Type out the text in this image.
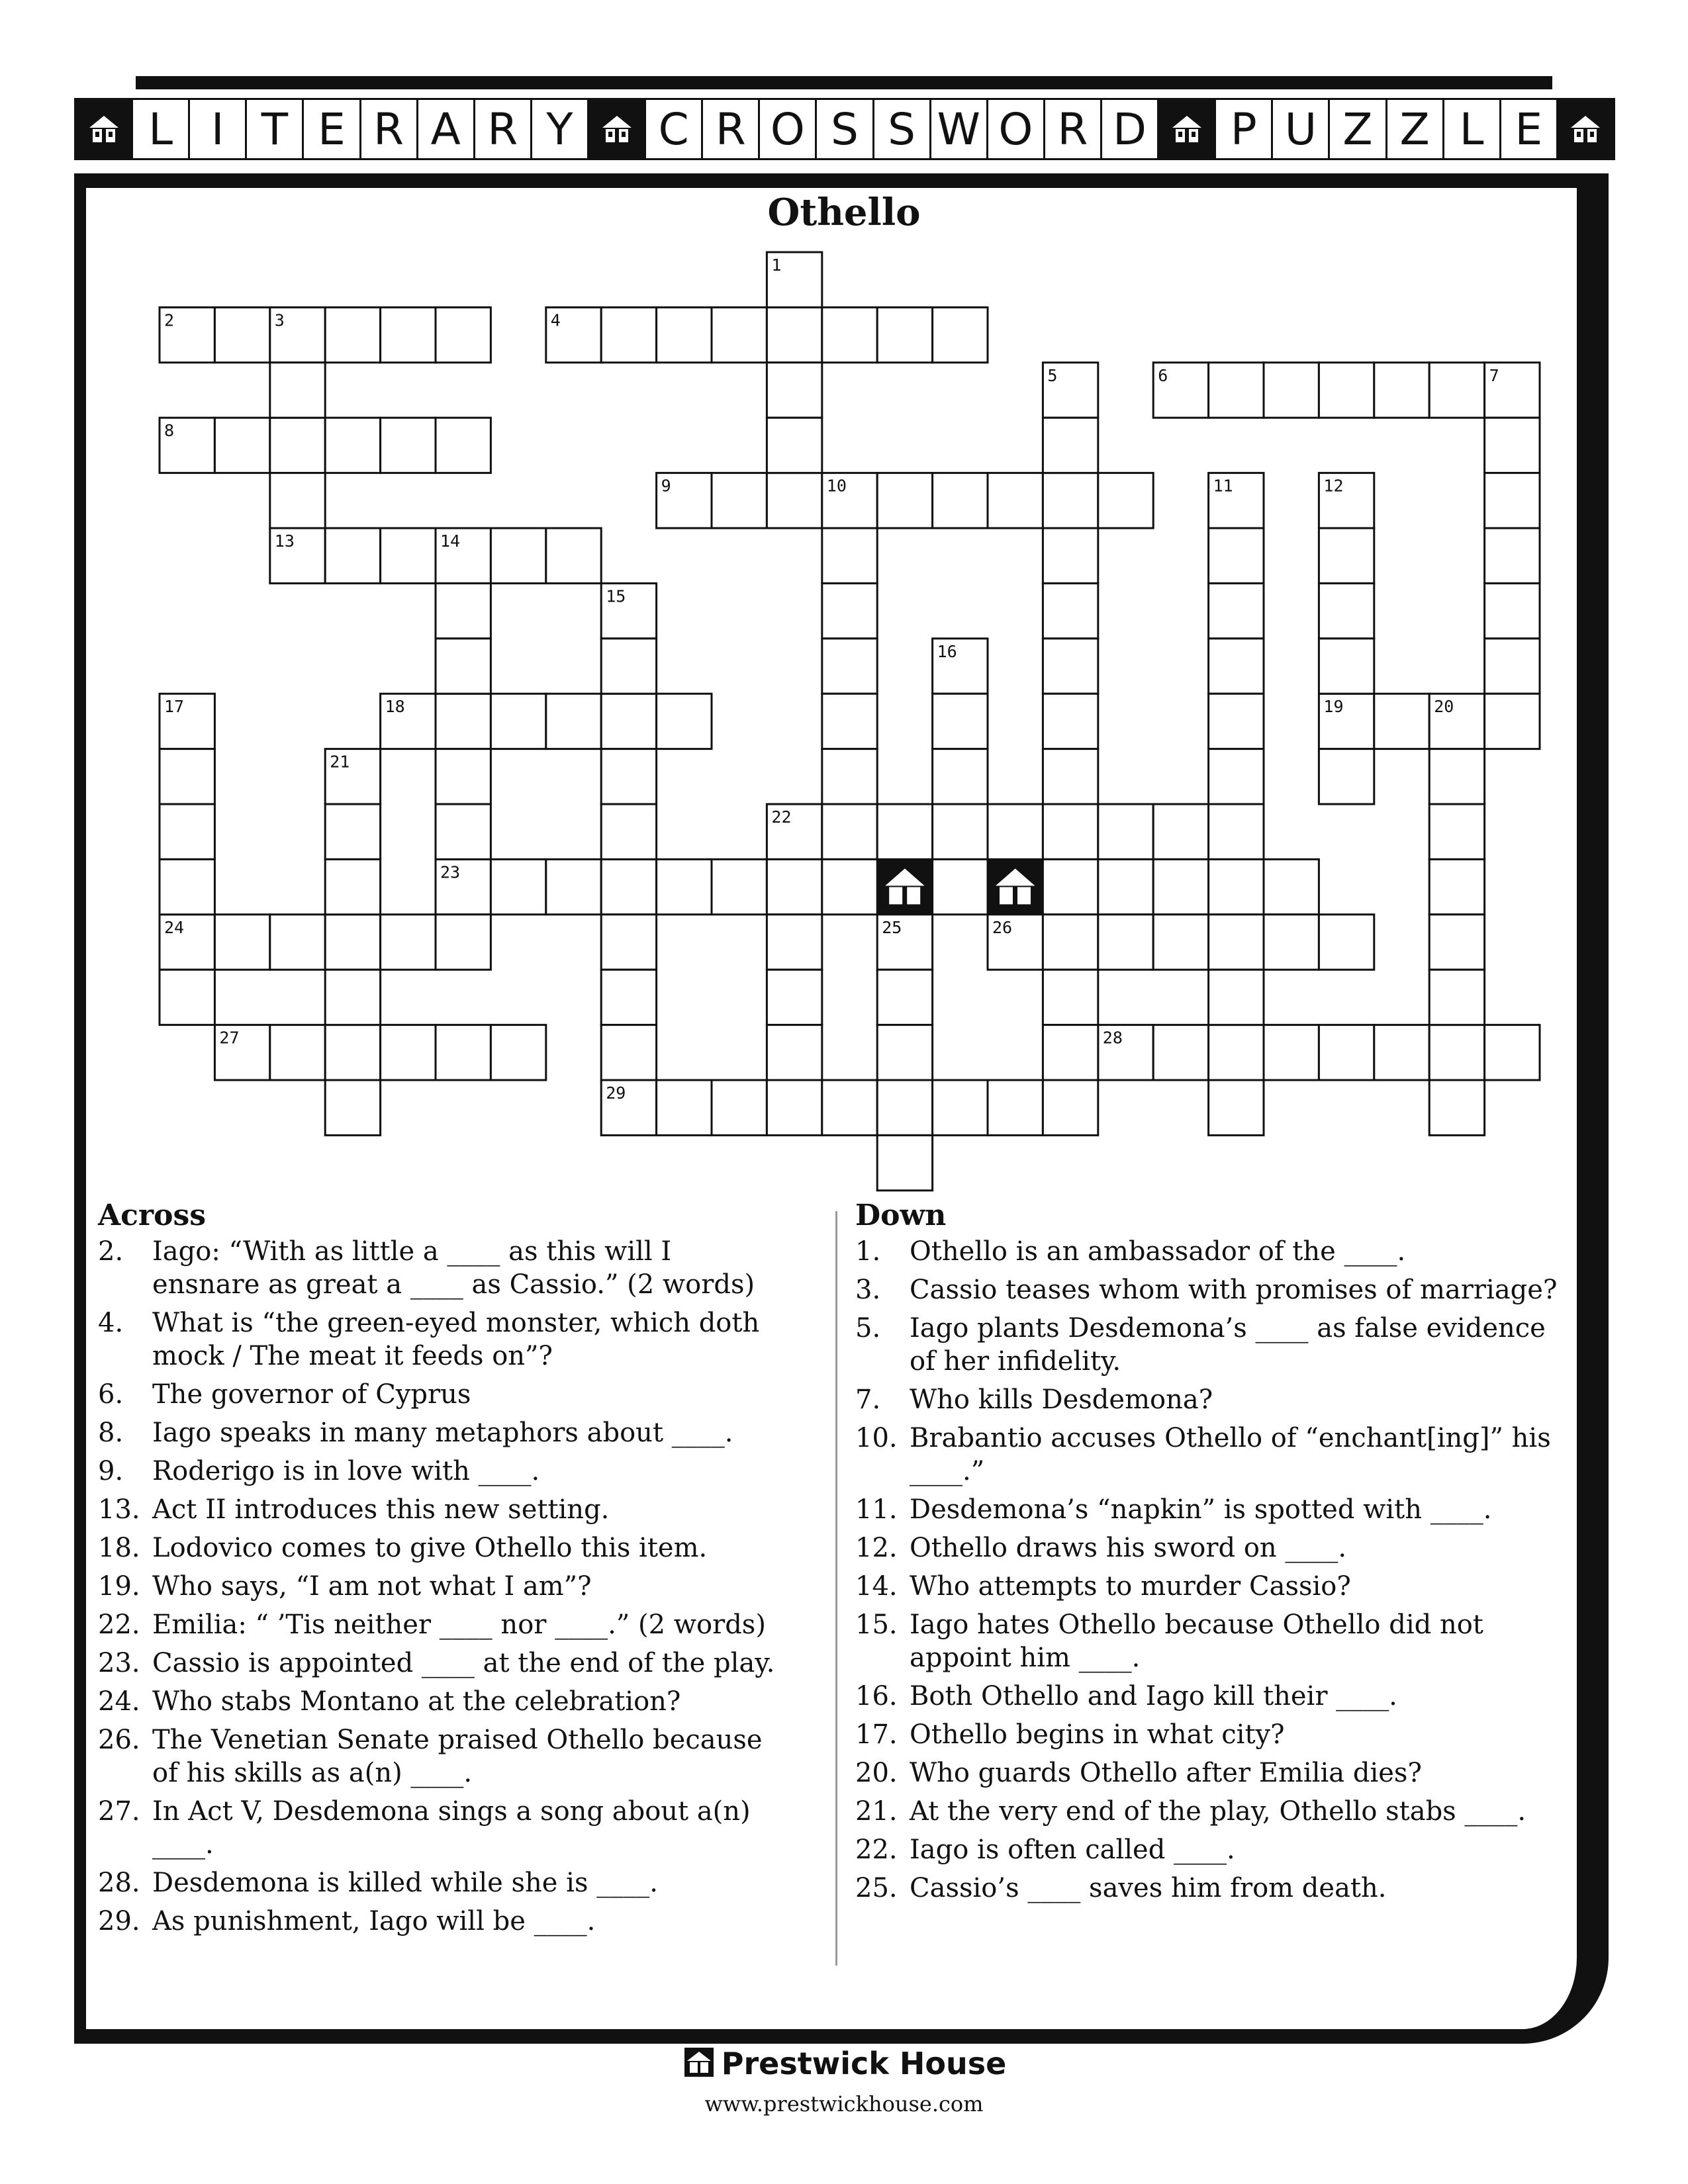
L I T E R A R Y	C R O S S W O R D	P U Z Z L E
Othello
1
2	3	4
5	6	7
8
9	10	11	12
13	14
15
16
17	18	19	20
21
22
23
24	25	26
27	28
29
Across
2.	Iago: “With as little a ____ as this will I ensnare as great a ____ as Cassio.” (2 words)
4.	What is “the green-eyed monster, which doth mock / The meat it feeds on”?
6.	The governor of Cyprus
8.	Iago speaks in many metaphors about ____.
9.	Roderigo is in love with ____.
13. Act II introduces this new setting.
18. Lodovico comes to give Othello this item.
19. Who says, “I am not what I am”?
22. Emilia: “ ’Tis neither ____ nor ____.” (2 words)
23. Cassio is appointed ____ at the end of the play.
24. Who stabs Montano at the celebration?
26. The Venetian Senate praised Othello because of his skills as a(n) ____.
27. In Act V, Desdemona sings a song about a(n) ____.
28. Desdemona is killed while she is ____.
29. As punishment, Iago will be ____.
Down
1.	Othello is an ambassador of the ____.
3.	Cassio teases whom with promises of marriage?
5.	Iago plants Desdemona’s ____ as false evidence of her infidelity.
7.	Who kills Desdemona?
10. Brabantio accuses Othello of “enchant[ing]” his ____.”
11. Desdemona’s “napkin” is spotted with ____.
12. Othello draws his sword on ____.
14. Who attempts to murder Cassio?
15. Iago hates Othello because Othello did not appoint him ____.
16. Both Othello and Iago kill their ____.
17. Othello begins in what city?
20. Who guards Othello after Emilia dies?
21. At the very end of the play, Othello stabs ____.
22. Iago is often called ____.
25. Cassio’s ____ saves him from death.
Prestwick House
www.prestwickhouse.com
